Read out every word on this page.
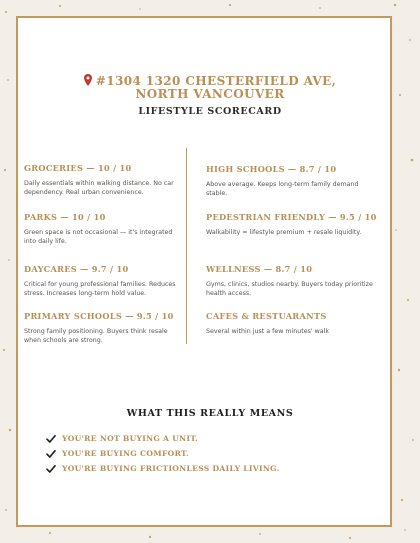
#1304 1320 CHESTERFIELD AVE,
NORTH VANCOUVER
LIFESTYLE SCORECARD
GROCERIES — 10 / 10
Daily essentials within walking distance. No car dependency. Real urban convenience.
PARKS — 10 / 10
Green space is not occasional — it's integrated into daily life.
DAYCARES — 9.7 / 10
Critical for young professional families. Reduces stress. Increases long-term hold value.
PRIMARY SCHOOLS — 9.5 / 10
Strong family positioning. Buyers think resale when schools are strong.
HIGH SCHOOLS — 8.7 / 10
Above average. Keeps long-term family demand stable.
PEDESTRIAN FRIENDLY — 9.5 / 10
Walkability = lifestyle premium + resale liquidity.
WELLNESS — 8.7 / 10
Gyms, clinics, studios nearby. Buyers today prioritize health access.
CAFES & RESTUARANTS
Several within just a few minutes' walk
WHAT THIS REALLY MEANS
YOU'RE NOT BUYING A UNIT.
YOU'RE BUYING COMFORT.
YOU'RE BUYING FRICTIONLESS DAILY LIVING.
